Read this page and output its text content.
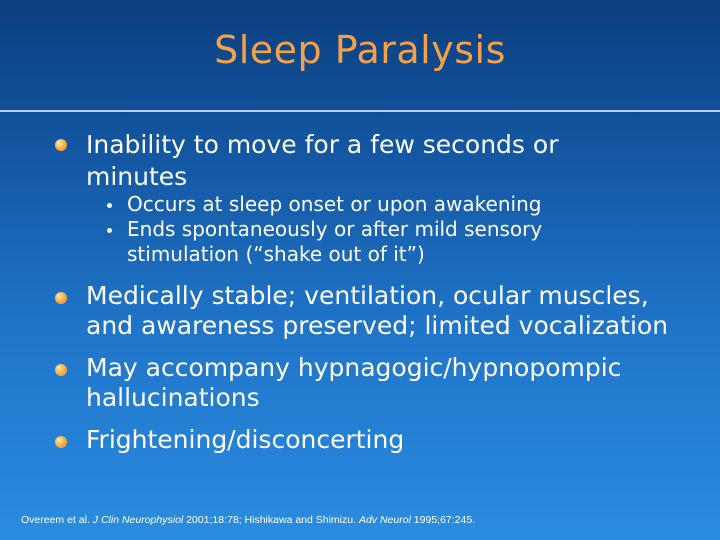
Sleep Paralysis
Inability to move for a few seconds or
minutes
Occurs at sleep onset or upon awakening
Ends spontaneously or after mild sensory
stimulation (“shake out of it”)
Medically stable; ventilation, ocular muscles,
and awareness preserved; limited vocalization
May accompany hypnagogic/hypnopompic
hallucinations
Frightening/disconcerting
Overeem et al. J Clin Neurophysiol 2001;18:78; Hishikawa and Shimizu. Adv Neurol 1995;67:245.
